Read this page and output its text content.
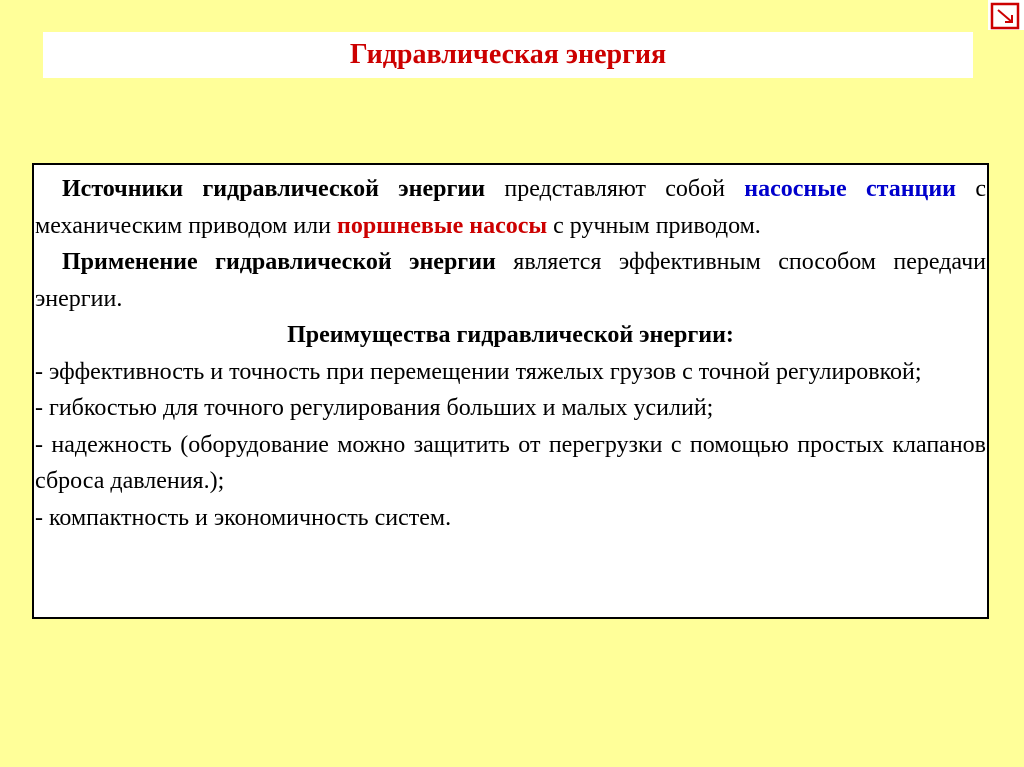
Гидравлическая энергия

Источники гидравлической энергии представляют собой насосные станции с механическим приводом или поршневые насосы с ручным приводом.

Применение гидравлической энергии является эффективным способом передачи энергии.

Преимущества гидравлической энергии:

- эффективность и точность при перемещении тяжелых грузов с точной регулировкой;

- гибкостью для точного регулирования больших и малых усилий;

- надежность (оборудование можно защитить от перегрузки с помощью простых клапанов сброса давления.);

- компактность и экономичность систем.
